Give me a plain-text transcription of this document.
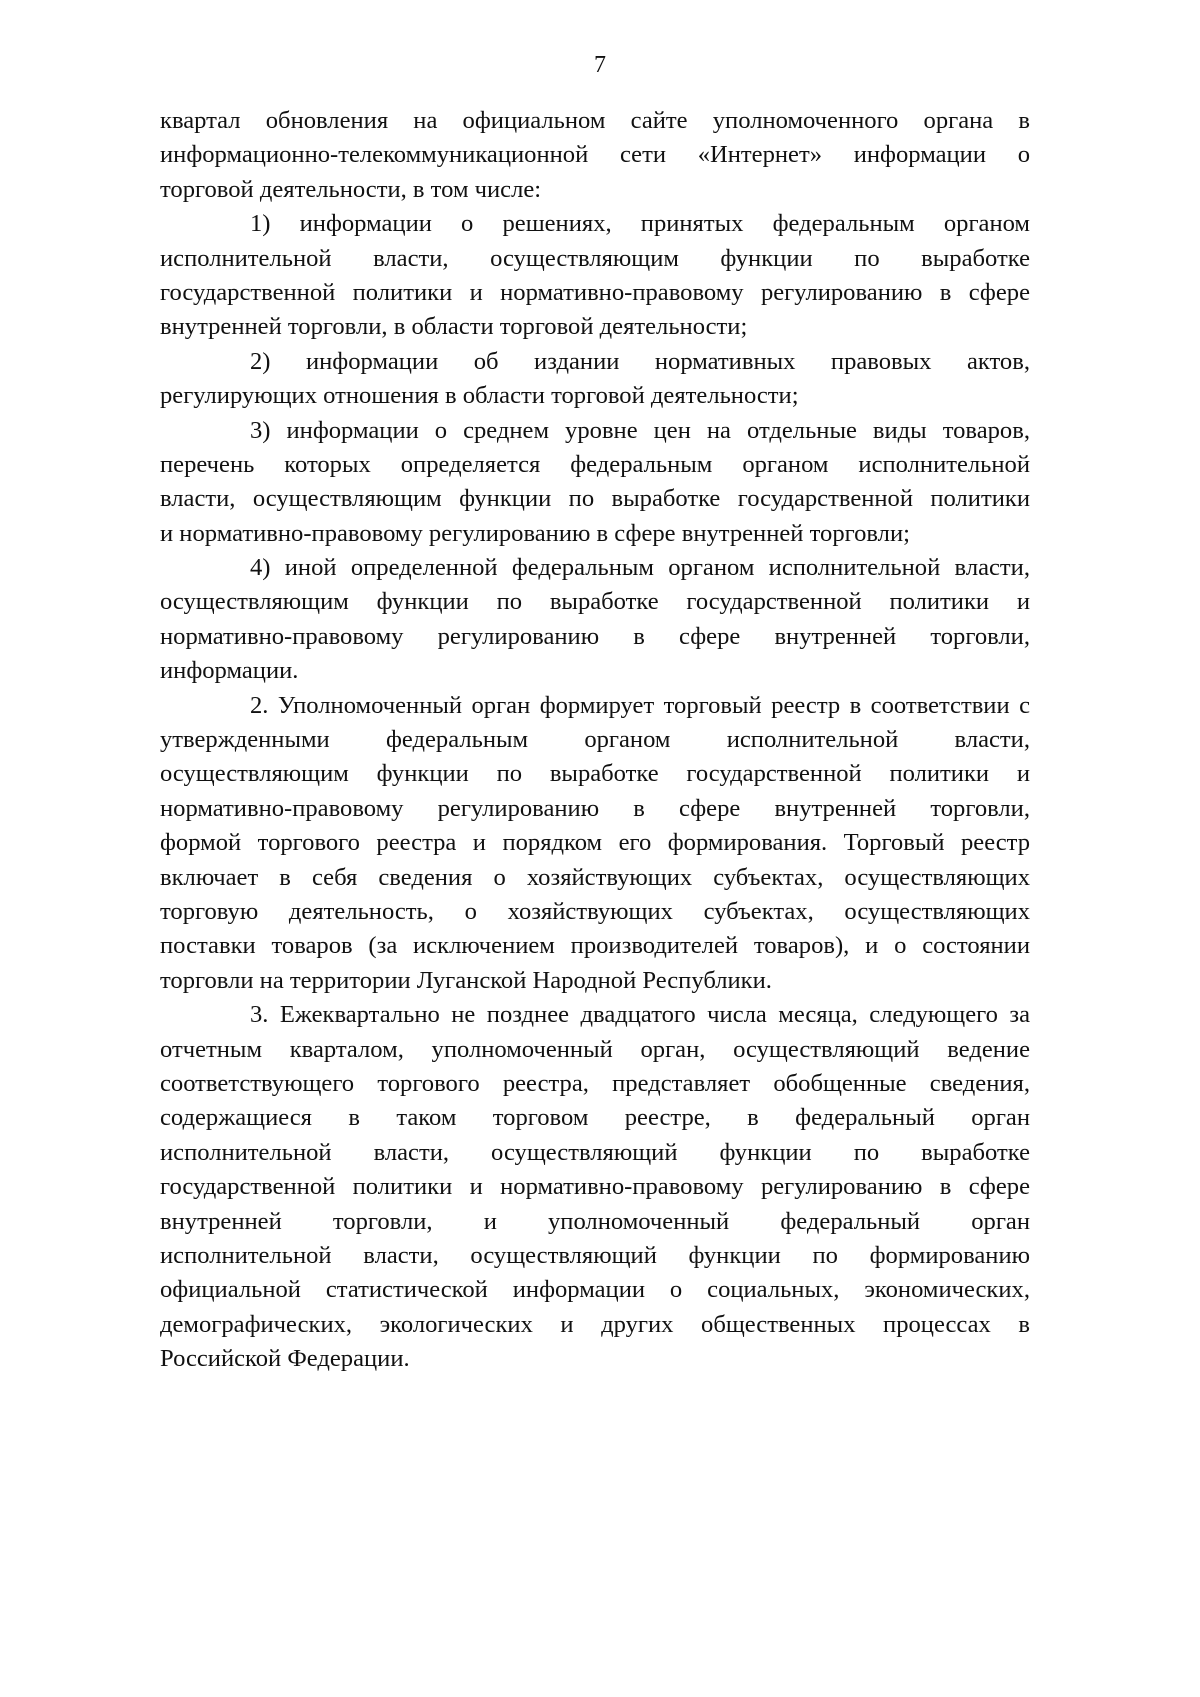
7
квартал обновления на официальном сайте уполномоченного органа в
информационно-телекоммуникационной сети «Интернет» информации о
торговой деятельности, в том числе:
1) информации о решениях, принятых федеральным органом
исполнительной власти, осуществляющим функции по выработке
государственной политики и нормативно-правовому регулированию в сфере
внутренней торговли, в области торговой деятельности;
2) информации об издании нормативных правовых актов,
регулирующих отношения в области торговой деятельности;
3) информации о среднем уровне цен на отдельные виды товаров,
перечень которых определяется федеральным органом исполнительной
власти, осуществляющим функции по выработке государственной политики
и нормативно-правовому регулированию в сфере внутренней торговли;
4) иной определенной федеральным органом исполнительной власти,
осуществляющим функции по выработке государственной политики и
нормативно-правовому регулированию в сфере внутренней торговли,
информации.
2. Уполномоченный орган формирует торговый реестр в соответствии с
утвержденными федеральным органом исполнительной власти,
осуществляющим функции по выработке государственной политики и
нормативно-правовому регулированию в сфере внутренней торговли,
формой торгового реестра и порядком его формирования. Торговый реестр
включает в себя сведения о хозяйствующих субъектах, осуществляющих
торговую деятельность, о хозяйствующих субъектах, осуществляющих
поставки товаров (за исключением производителей товаров), и о состоянии
торговли на территории Луганской Народной Республики.
3. Ежеквартально не позднее двадцатого числа месяца, следующего за
отчетным кварталом, уполномоченный орган, осуществляющий ведение
соответствующего торгового реестра, представляет обобщенные сведения,
содержащиеся в таком торговом реестре, в федеральный орган
исполнительной власти, осуществляющий функции по выработке
государственной политики и нормативно-правовому регулированию в сфере
внутренней торговли, и уполномоченный федеральный орган
исполнительной власти, осуществляющий функции по формированию
официальной статистической информации о социальных, экономических,
демографических, экологических и других общественных процессах в
Российской Федерации.
